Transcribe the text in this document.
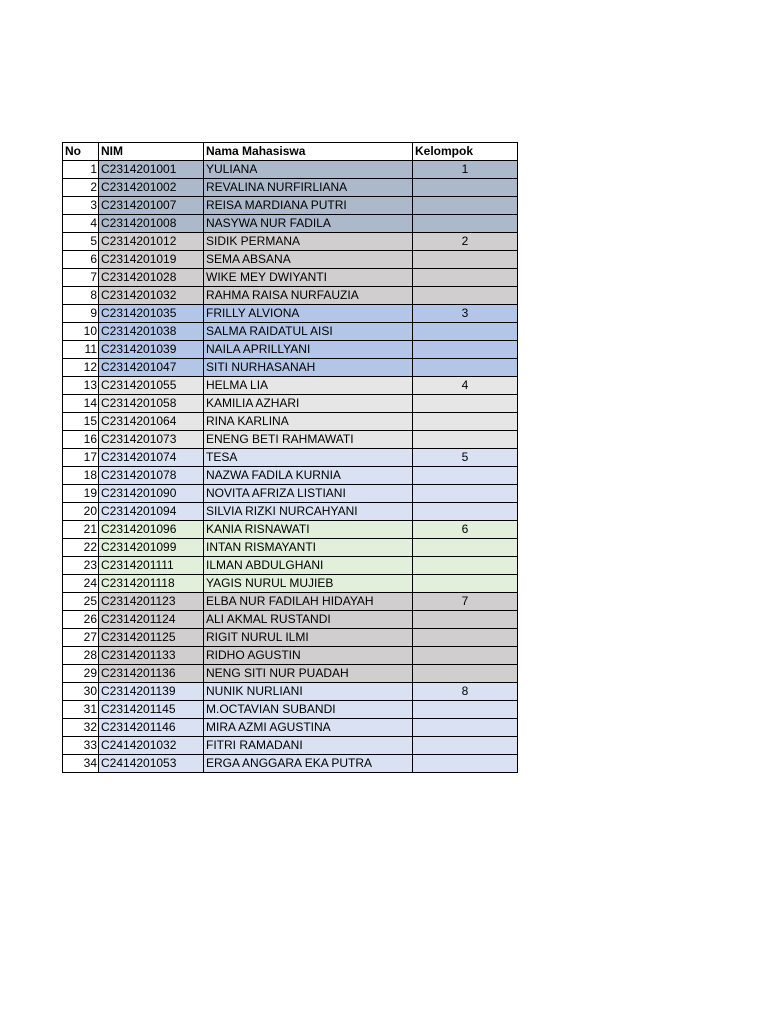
No	NIM	Nama Mahasiswa	Kelompok
1	C2314201001	YULIANA	1
2	C2314201002	REVALINA NURFIRLIANA	
3	C2314201007	REISA MARDIANA PUTRI	
4	C2314201008	NASYWA NUR FADILA	
5	C2314201012	SIDIK PERMANA	2
6	C2314201019	SEMA ABSANA	
7	C2314201028	WIKE MEY DWIYANTI	
8	C2314201032	RAHMA RAISA NURFAUZIA	
9	C2314201035	FRILLY ALVIONA	3
10	C2314201038	SALMA RAIDATUL AISI	
11	C2314201039	NAILA APRILLYANI	
12	C2314201047	SITI NURHASANAH	
13	C2314201055	HELMA LIA	4
14	C2314201058	KAMILIA AZHARI	
15	C2314201064	RINA KARLINA	
16	C2314201073	ENENG BETI RAHMAWATI	
17	C2314201074	TESA	5
18	C2314201078	NAZWA FADILA KURNIA	
19	C2314201090	NOVITA AFRIZA LISTIANI	
20	C2314201094	SILVIA RIZKI NURCAHYANI	
21	C2314201096	KANIA RISNAWATI	6
22	C2314201099	INTAN RISMAYANTI	
23	C2314201111	ILMAN ABDULGHANI	
24	C2314201118	YAGIS NURUL MUJIEB	
25	C2314201123	ELBA NUR FADILAH HIDAYAH	7
26	C2314201124	ALI AKMAL RUSTANDI	
27	C2314201125	RIGIT NURUL ILMI	
28	C2314201133	RIDHO AGUSTIN	
29	C2314201136	NENG SITI NUR PUADAH	
30	C2314201139	NUNIK NURLIANI	8
31	C2314201145	M.OCTAVIAN SUBANDI	
32	C2314201146	MIRA AZMI AGUSTINA	
33	C2414201032	FITRI RAMADANI	
34	C2414201053	ERGA ANGGARA EKA PUTRA	
